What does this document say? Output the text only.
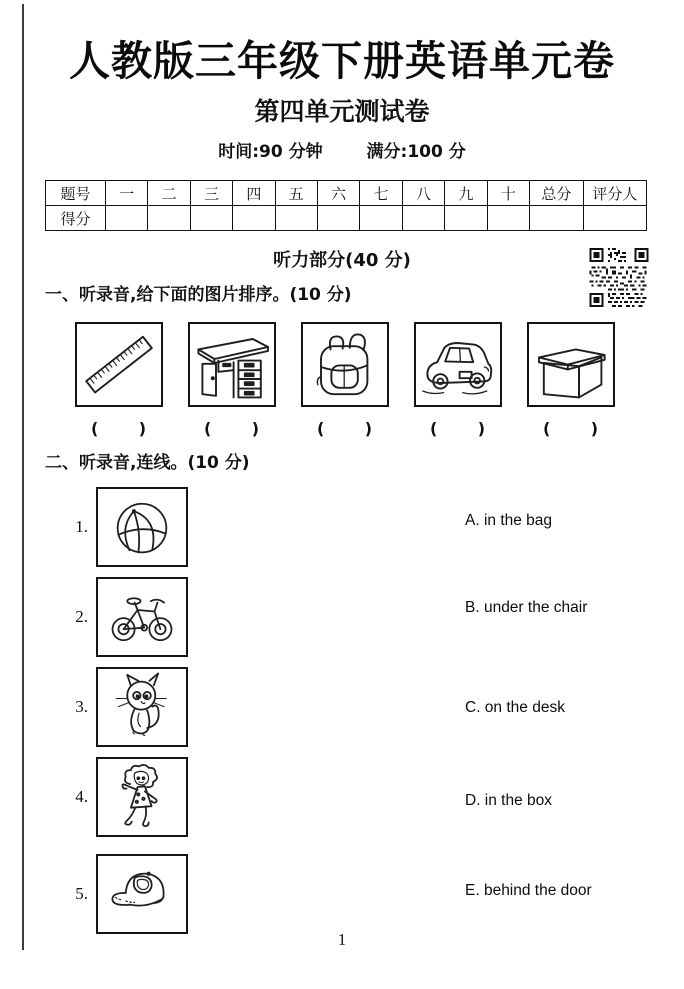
人教版三年级下册英语单元卷
第四单元测试卷
时间:90 分钟	满分:100 分
题号	一	二	三	四	五	六	七	八	九	十	总分	评分人
得分												
听力部分(40 分)
一、听录音,给下面的图片排序。(10 分)
(      )	(      )	(      )	(      )	(      )
二、听录音,连线。(10 分)
1.
2.
3.
4.
5.
A. in the bag
B. under the chair
C. on the desk
D. in the box
E. behind the door
1
